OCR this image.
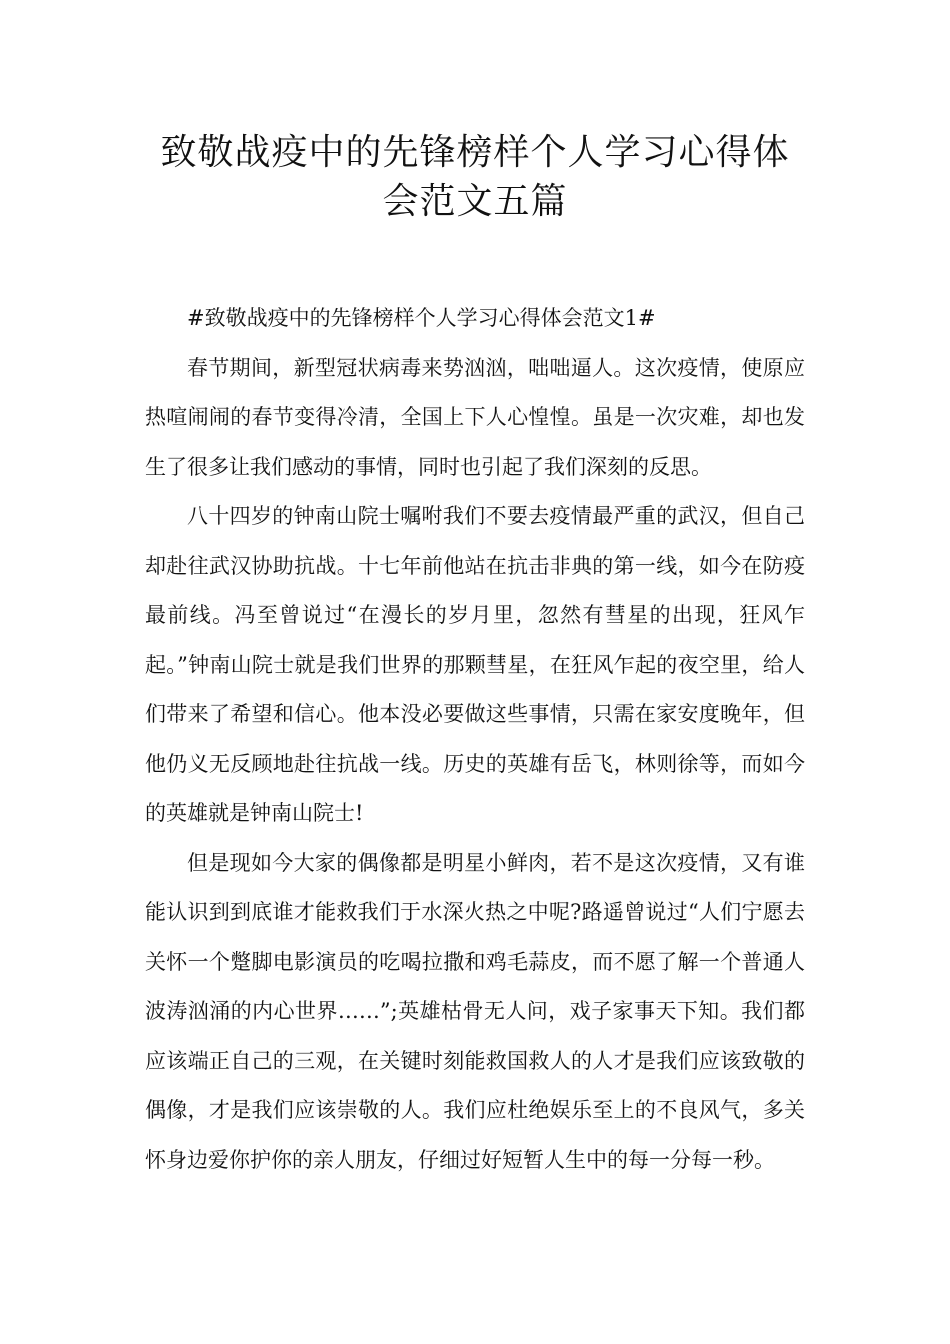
致敬战疫中的先锋榜样个人学习心得体会范文五篇

#致敬战疫中的先锋榜样个人学习心得体会范文1#

春节期间，新型冠状病毒来势汹汹，咄咄逼人。这次疫情，使原应热喧闹闹的春节变得冷清，全国上下人心惶惶。虽是一次灾难，却也发生了很多让我们感动的事情，同时也引起了我们深刻的反思。

八十四岁的钟南山院士嘱咐我们不要去疫情最严重的武汉，但自己却赴往武汉协助抗战。十七年前他站在抗击非典的第一线，如今在防疫最前线。冯至曾说过“在漫长的岁月里，忽然有彗星的出现，狂风乍起。”钟南山院士就是我们世界的那颗彗星，在狂风乍起的夜空里，给人们带来了希望和信心。他本没必要做这些事情，只需在家安度晚年，但他仍义无反顾地赴往抗战一线。历史的英雄有岳飞，林则徐等，而如今的英雄就是钟南山院士!

但是现如今大家的偶像都是明星小鲜肉，若不是这次疫情，又有谁能认识到到底谁才能救我们于水深火热之中呢?路遥曾说过“人们宁愿去关怀一个蹩脚电影演员的吃喝拉撒和鸡毛蒜皮，而不愿了解一个普通人波涛汹涌的内心世界……”;英雄枯骨无人问，戏子家事天下知。我们都应该端正自己的三观，在关键时刻能救国救人的人才是我们应该致敬的偶像，才是我们应该崇敬的人。我们应杜绝娱乐至上的不良风气，多关怀身边爱你护你的亲人朋友，仔细过好短暂人生中的每一分每一秒。
